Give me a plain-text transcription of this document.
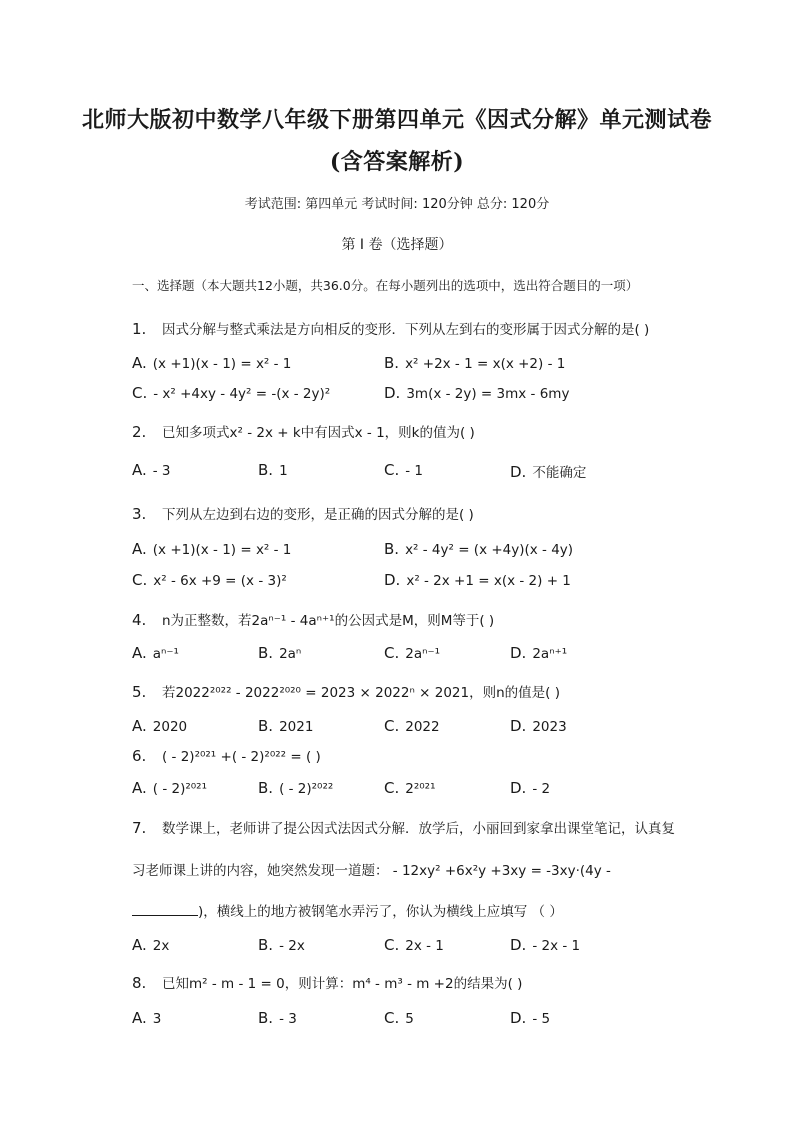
北师大版初中数学八年级下册第四单元《因式分解》单元测试卷
(含答案解析)
考试范围: 第四单元 考试时间: 120分钟 总分: 120分
第 I 卷（选择题）
一、选择题（本大题共12小题，共36.0分。在每小题列出的选项中，选出符合题目的一项）
1. 因式分解与整式乘法是方向相反的变形．下列从左到右的变形属于因式分解的是( )
A. (x +1)(x - 1) = x² - 1	B. x² +2x - 1 = x(x +2) - 1
C. - x² +4xy - 4y² = -(x - 2y)²	D. 3m(x - 2y) = 3mx - 6my
2. 已知多项式x² - 2x + k中有因式x - 1，则k的值为( )
A. - 3	B. 1	C. - 1	D. 不能确定
3. 下列从左边到右边的变形，是正确的因式分解的是( )
A. (x +1)(x - 1) = x² - 1	B. x² - 4y² = (x +4y)(x - 4y)
C. x² - 6x +9 = (x - 3)²	D. x² - 2x +1 = x(x - 2) + 1
4. n为正整数，若2aⁿ⁻¹ - 4aⁿ⁺¹的公因式是M，则M等于( )
A. aⁿ⁻¹	B. 2aⁿ	C. 2aⁿ⁻¹	D. 2aⁿ⁺¹
5. 若2022²⁰²² - 2022²⁰²⁰ = 2023 × 2022ⁿ × 2021，则n的值是( )
A. 2020	B. 2021	C. 2022	D. 2023
6. ( - 2)²⁰²¹ +( - 2)²⁰²² = ( )
A. ( - 2)²⁰²¹	B. ( - 2)²⁰²²	C. 2²⁰²¹	D. - 2
7. 数学课上，老师讲了提公因式法因式分解．放学后，小丽回到家拿出课堂笔记，认真复
习老师课上讲的内容，她突然发现一道题： - 12xy² +6x²y +3xy = -3xy·(4y -
)，横线上的地方被钢笔水弄污了，你认为横线上应填写 （ ）
A. 2x	B. - 2x	C. 2x - 1	D. - 2x - 1
8. 已知m² - m - 1 = 0，则计算：m⁴ - m³ - m +2的结果为( )
A. 3	B. - 3	C. 5	D. - 5
